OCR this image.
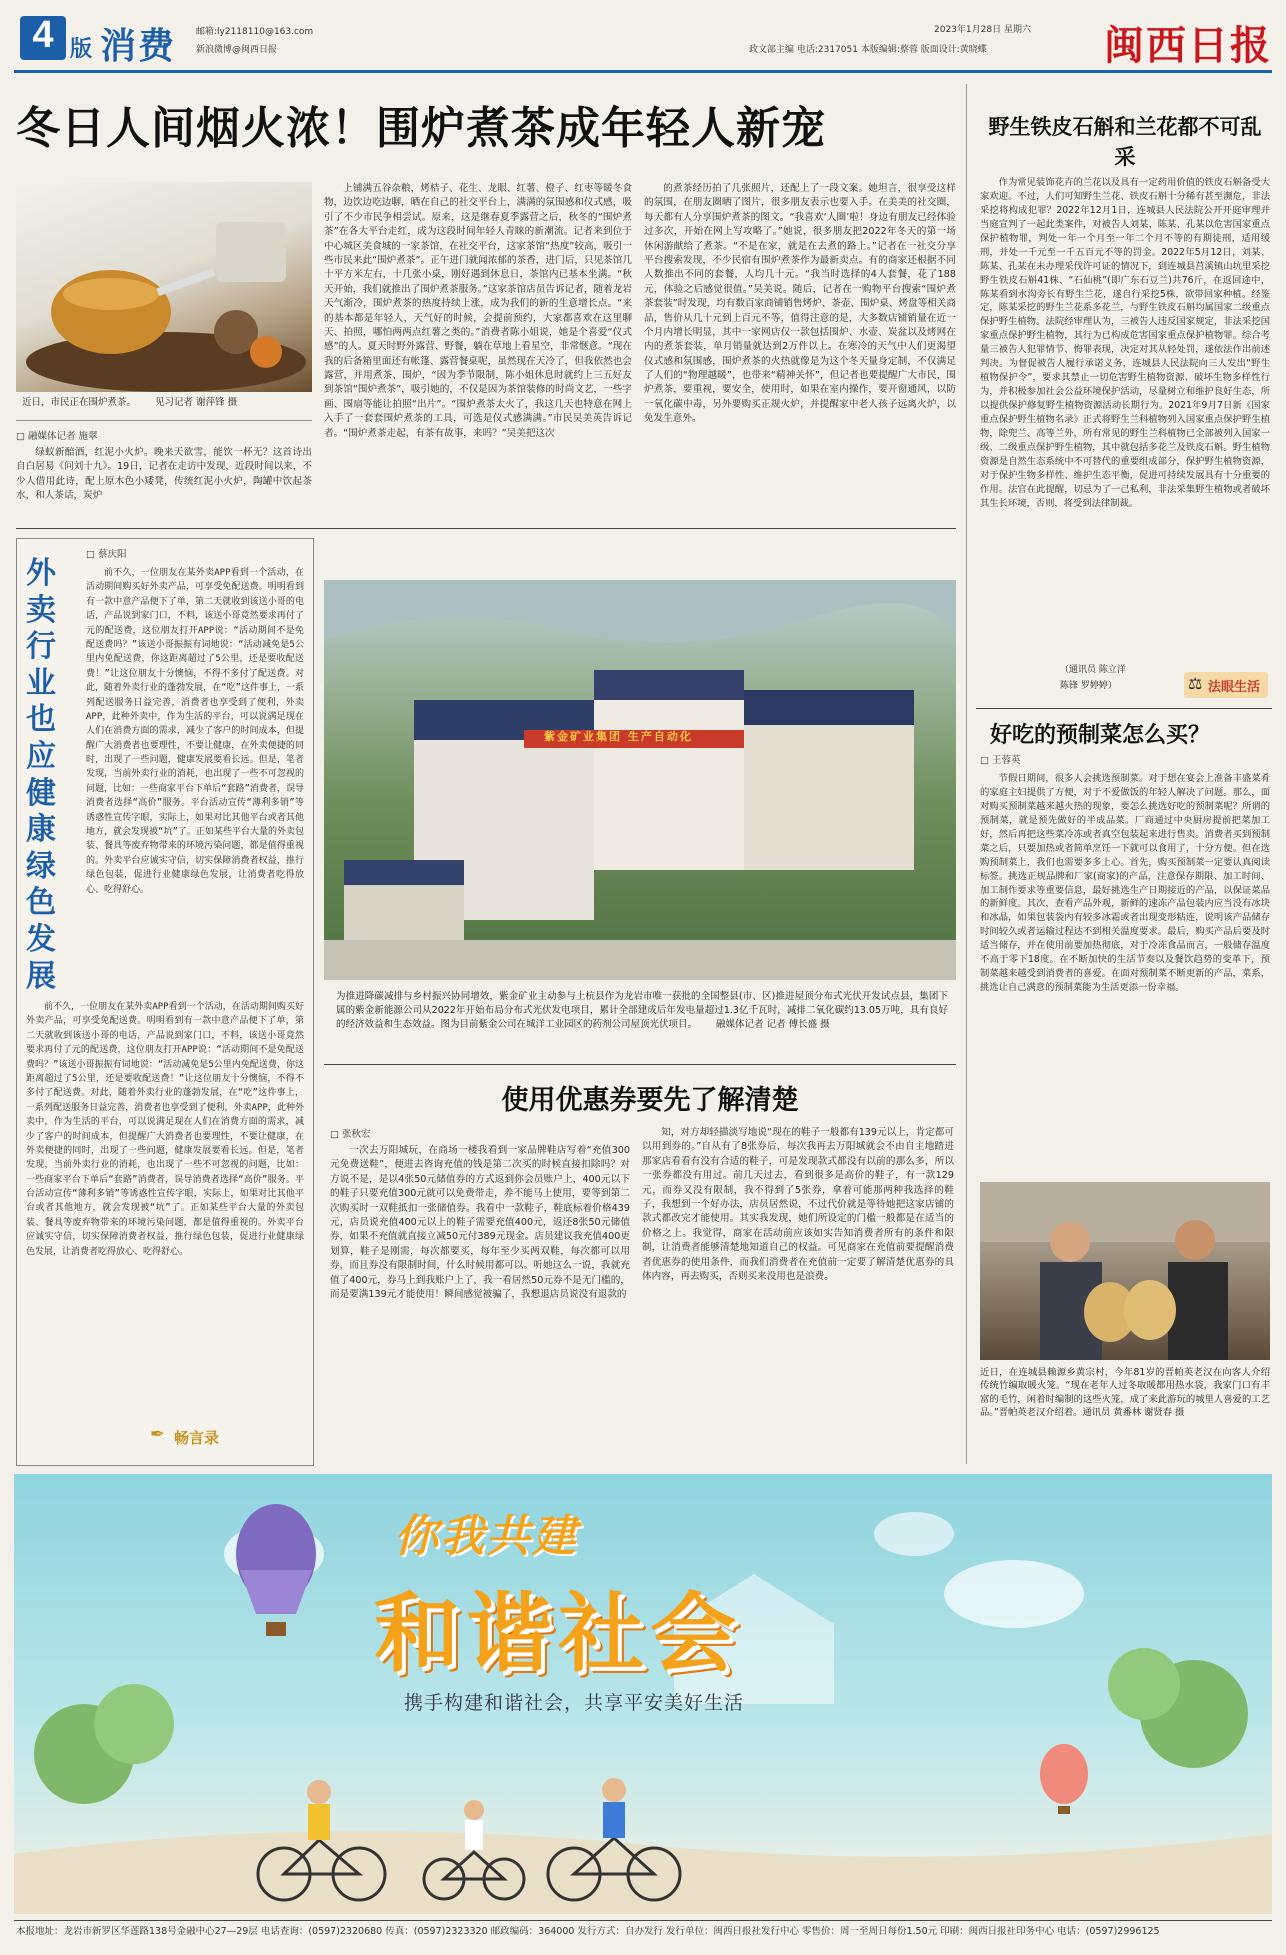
4 版 消费 邮箱:ly2118110@163.com
新浪微博@闽西日报	政文部主编 电话:2317051 本版编辑:蔡蓉 版面设计:黄晓蝶
2023年1月28日 星期六 闽西日报
冬日人间烟火浓！围炉煮茶成年轻人新宠
近日，市民正在围炉煮茶。 见习记者 谢萍锋 摄
□ 融媒体记者 施翠

绿蚁新醅酒，红泥小火炉。晚来天欲雪，能饮一杯无？这首诗出自白居易《问刘十九》。19日，记者在走访中发现，近段时间以来，不少人借用此诗，配上原木色小矮凳，传统红泥小火炉，陶罐中饮起茶水，和人茶话，炭炉

上铺满五谷杂粮，烤桔子、花生、龙眼、红薯、橙子、红枣等暖冬食物，边饮边吃边聊，晒在自己的社交平台上，满满的氛围感和仪式感，吸引了不少市民争相尝试。原来，这是继春夏季露营之后，秋冬的“围炉煮茶”在各大平台走红，成为这段时间年轻人青睐的新潮流。记者来到位于中心城区美食城的一家茶馆，在社交平台，这家茶馆“热度”较高，吸引一些市民来此“围炉煮茶”。正午进门就闻浓郁的茶香，进门后，只见茶馆几十平方米左右，十几张小桌，刚好遇到休息日，茶馆内已基本坐满。“秋天开始，我们就推出了围炉煮茶服务。”这家茶馆店员告诉记者，随着龙岩天气渐冷，围炉煮茶的热度持续上涨，成为我们的新的生意增长点。“来的基本都是年轻人，天气好的时候，会提前预约，大家都喜欢在这里聊天、拍照，哪怕两两点红薯之类的。”消费者陈小姐说，她是个喜爱“仪式感”的人。夏天时野外露营、野餐，躺在草地上看星空，非常惬意。“现在我的后备箱里面还有帐篷、露营餐桌呢，虽然现在天冷了，但我依然也会露营，并用煮茶、围炉，“因为季节限制，陈小姐休息时就约上三五好友到茶馆“围炉煮茶”，吸引她的，不仅是因为茶馆装修的时尚文艺，一些字画、围扇等能让拍照“出片”。“围炉煮茶太火了，我这几天也特意在网上入手了一套套围炉煮茶的工具，可选是仪式感满满。”市民吴美英告诉记者。“围炉煮茶走起，有茶有故事，来吗？”吴美把这次

的煮茶经历拍了几张照片，还配上了一段文案。她坦言，很享受这样的氛围，在朋友圈晒了图片，很多朋友表示也要入手。在美美的社交圈，每天都有人分享围炉煮茶的图文。“我喜欢‘人圈’啦！身边有朋友已经体验过多次，开始在网上写攻略了。”她说，很多朋友把2022年冬天的第一场休闲游献给了煮茶。“不是在家，就是在去煮的路上。”记者在一社交分享平台搜索发现，不少民宿有围炉煮茶作为最新卖点。有的商家还根据不同人数推出不同的套餐，人均几十元。“我当时选择的4人套餐，花了188元，体验之后感觉很值。”吴美说。随后，记者在一购物平台搜索“围炉煮茶套装”时发现，均有数百家商铺销售烤炉、茶壶、围炉桌、烤盘等相关商品，售价从几十元到上百元不等，值得注意的是，大多数店铺销量在近一个月内增长明显，其中一家网店仅一款包括围炉、水壶、炭盆以及烤网在内的煮茶套装，单月销量就达到2万件以上。在寒冷的天气中人们更渴望仪式感和氛围感，围炉煮茶的火热就像是为这个冬天量身定制，不仅满足了人们的“物理越暖”，也带来“精神关怀”，但记者也要提醒广大市民，围炉煮茶，要重视，要安全，使用时，如果在室内操作，要开窗通风，以防一氧化碳中毒，另外要购买正规火炉，并提醒家中老人孩子远离火炉，以免发生意外。

野生铁皮石斛和兰花都不可乱采

作为常见装饰花卉的兰花以及具有一定药用价值的铁皮石斛备受大家欢迎。不过，人们可知野生兰花、铁皮石斛十分稀有甚至濒危，非法采挖将构成犯罪？2022年12月1日，连城县人民法院公开开庭审理并当庭宣判了一起此类案件，对被告人刘某、陈某、孔某以危害国家重点保护植物罪，判处一年一个月至一年二个月不等的有期徒刑，适用缓刑，并处一千元至一千五百元不等的罚金。2022年5月12日，刘某、陈某、孔某在未办理采伐许可证的情况下，到连城县莒溪镇山坑里采挖野生铁皮石斛41株、“石仙桃”(即广东石豆兰)共76斤，在返回途中，陈某看到水沟旁长有野生兰花，遂自行采挖5株，欲带回家种植。经鉴定，陈某采挖的野生兰花系多花兰，与野生铁皮石斛均属国家二级重点保护野生植物。法院经审理认为，三被告人违反国家规定，非法采挖国家重点保护野生植物，其行为已构成危害国家重点保护植物罪。综合考量三被告人犯罪情节、悔罪表现，决定对其从轻处罚，遂依法作出前述判决。为督促被告人履行承诺义务，连城县人民法院向三人发出“野生植物保护令”，要求其禁止一切危害野生植物资源、破坏生物多样性行为，并积极参加社会公益环境保护活动，尽量树立和维护良好生态，所以提供保护修复野生植物资源活动长期行为。2021年9月7日新《国家重点保护野生植物名录》正式将野生兰科植物列入国家重点保护野生植物，除兜兰、高等兰外，所有常见的野生兰科植物已全部被列入国家一级、二级重点保护野生植物，其中就包括多花兰及铁皮石斛。野生植物资源是自然生态系统中不可替代的重要组成部分，保护野生植物资源，对于保护生物多样性、维护生态平衡，促进可持续发展具有十分重要的作用。法官在此提醒，切忌为了一己私利，非法采集野生植物或者破坏其生长环境，否则，将受到法律制裁。

（通讯员 陈立洋
陈锋 罗婷婷）	⚖ 法眼生活
好吃的预制菜怎么买？
□ 王蓉英

节假日期间，很多人会挑选预制菜。对于想在宴会上准备丰盛菜肴的家庭主妇提供了方便，对于不爱做饭的年轻人解决了问题。那么，面对购买预制菜越来越火热的现象，要怎么挑选好吃的预制菜呢？所谓的预制菜，就是预先做好的半成品菜。厂商通过中央厨房提前把菜加工好，然后再把这些菜冷冻或者真空包装起来进行售卖。消费者买到预制菜之后，只要加热或者简单烹饪一下就可以食用了，十分方便。但在选购预制菜上，我们也需要多多上心。首先，购买预制菜一定要认真阅读标签。挑选正规品牌和厂家(商家)的产品，注意保存期限、加工时间、加工制作要求等重要信息，最好挑选生产日期接近的产品，以保证菜品的新鲜度。其次，查看产品外观，新鲜的速冻产品包装内应当没有冰块和冰晶，如果包装袋内有较多冰霜或者出现变形粘连，说明该产品储存时间较久或者运输过程达不到相关温度要求。最后，购买产品后要及时适当储存，并在使用前要加热彻底，对于冷冻食品而言，一般储存温度不高于零下18度。在不断加快的生活节奏以及餐饮趋势的变革下，预制菜越来越受到消费者的喜爱。在面对预制菜不断更新的产品，菜系，挑选让自己满意的预制菜能为生活更添一份幸福。

近日，在连城县赖源乡黄宗村，今年81岁的晋帕英老汉在向客人介绍传统竹编取暖火笼。“现在老年人过冬取暖都用热水袋，我家门口有丰富的毛竹，闲着时编制的这些火笼，成了来此游玩的城里人喜爱的工艺品。”晋帕英老汉介绍着。通讯员 黄番林 谢贤春 摄
外卖行业也应健康绿色发展
□ 蔡庆阳

前不久，一位朋友在某外卖APP看到一个活动，在活动期间购买好外卖产品，可享受免配送费。明明看到有一款中意产品便下了单，第二天就收到该送小哥的电话，产品说到家门口，不料，该送小哥竟然要求再付了元的配送费，这位朋友打开APP说：“活动期间不是免配送费吗？”该送小哥振振有词地说：“活动减免是5公里内免配送费，你这距离超过了5公里，还是要收配送费！”让这位朋友十分懊恼，不得不多付了配送费。对此，随着外卖行业的蓬勃发展，在“吃”这件事上，一系列配送服务日益完善，消费者也享受到了便利，外卖APP，此种外卖中，作为生活的平台，可以说满足现在人们在消费方面的需求，减少了客户的时间成本，但提醒广大消费者也要理性，不要让健康，在外卖便捷的同时，出现了一些问题，健康发展要看长远。但是，笔者发现，当前外卖行业的消耗，也出现了一些不可忽视的问题，比如：一些商家平台下单后“套路”消费者，误导消费者选择“高价”服务。平台活动宣传“薄利多销”等诱惑性宣传字眼，实际上，如果对比其他平台或者其他地方，就会发现被“坑”了。正如某些平台大量的外卖包装、餐具等废弃物带来的环境污染问题，都是值得重视的。外卖平台应诚实守信，切实保障消费者权益，推行绿色包装，促进行业健康绿色发展，让消费者吃得放心、吃得舒心。

前不久，一位朋友在某外卖APP看到一个活动，在活动期间购买好外卖产品，可享受免配送费。明明看到有一款中意产品便下了单，第二天就收到该送小哥的电话，产品说到家门口，不料，该送小哥竟然要求再付了元的配送费，这位朋友打开APP说：“活动期间不是免配送费吗？”该送小哥振振有词地说：“活动减免是5公里内免配送费，你这距离超过了5公里，还是要收配送费！”让这位朋友十分懊恼，不得不多付了配送费。对此，随着外卖行业的蓬勃发展，在“吃”这件事上，一系列配送服务日益完善，消费者也享受到了便利，外卖APP，此种外卖中，作为生活的平台，可以说满足现在人们在消费方面的需求，减少了客户的时间成本，但提醒广大消费者也要理性，不要让健康，在外卖便捷的同时，出现了一些问题，健康发展要看长远。但是，笔者发现，当前外卖行业的消耗，也出现了一些不可忽视的问题，比如：一些商家平台下单后“套路”消费者，误导消费者选择“高价”服务。平台活动宣传“薄利多销”等诱惑性宣传字眼，实际上，如果对比其他平台或者其他地方，就会发现被“坑”了。正如某些平台大量的外卖包装、餐具等废弃物带来的环境污染问题，都是值得重视的。外卖平台应诚实守信，切实保障消费者权益，推行绿色包装，促进行业健康绿色发展，让消费者吃得放心、吃得舒心。

✒ 畅言录
紫金矿业集团 生产自动化
为推进降碳减排与乡村振兴协同增效，紫金矿业主动参与上杭县作为龙岩市唯一获批的全国整县(市、区)推进屋顶分布式光伏开发试点县，集团下属的紫金新能源公司从2022年开始布局分布式光伏发电项目，累计全部建成后年发电量超过1.3亿千瓦时，减排二氧化碳约13.05万吨，具有良好的经济效益和生态效益。图为目前紫金公司在城洋工业园区的药剂公司屋顶光伏项目。 融媒体记者 记者 傅长盛 摄
使用优惠券要先了解清楚
□ 张秋宏

一次去万阳城玩，在商场一楼我看到一家品牌鞋店写着“充值300元免费送鞋”，便进去咨询充值的钱是第二次买的时候直接扣除吗？对方说不是，是以4张50元储值券的方式返到你会员账户上，400元以下的鞋子只要充值300元就可以免费带走，养不能马上使用，要等到第二次购买时一双鞋抵扣一张储值券。我看中一款鞋子，鞋底标着价格439元，店员说充值400元以上的鞋子需要充值400元，返还8张50元储值券，如果不充值就直接立减50元付389元现金。店员建议我充值400更划算，鞋子是刚需，每次都要买，每年至少买两双鞋，每次都可以用券，而且券没有限制时间，什么时候用都可以。听她这么一说，我就充值了400元，券马上到我账户上了，我一看居然50元券不是无门槛的，而是要满139元才能使用！瞬间感觉被骗了，我想退店员说没有退款的

知，对方却轻描淡写地说“现在的鞋子一般都有139元以上，肯定都可以用到券的。”自从有了8张券后，每次我再去万阳城就会不由自主地踏进那家店看看有没有合适的鞋子，可是发现款式都没有以前的那么多，所以一张券都没有用过。前几天过去，看到很多是高价的鞋子，有一款129元，而券又没有限制，我不得到了5张券，拿着可能那两种我选择的鞋子，我想到一个好办法，店员居然说，不过代价就是等待她把这家店铺的款式都改完才能使用。其实我发现，她们所设定的门槛一般都是在适当的价格之上。我觉得，商家在活动前应该如实告知消费者所有的条件和限制，让消费者能够清楚地知道自己的权益。可见商家在充值前要提醒消费者优惠券的使用条件，而我们消费者在充值前一定要了解清楚优惠券的具体内容，再去购买，否则买来没用也是浪费。

你我共建
和谐社会
携手构建和谐社会，共享平安美好生活
本报地址：龙岩市新罗区华莲路138号金融中心27—29层 电话查询：(0597)2320680 传真：(0597)2323320 邮政编码：364000 发行方式：自办发行 发行单位：闽西日报社发行中心 零售价：周一至周日每份1.50元 印刷：闽西日报社印务中心 电话：(0597)2996125
